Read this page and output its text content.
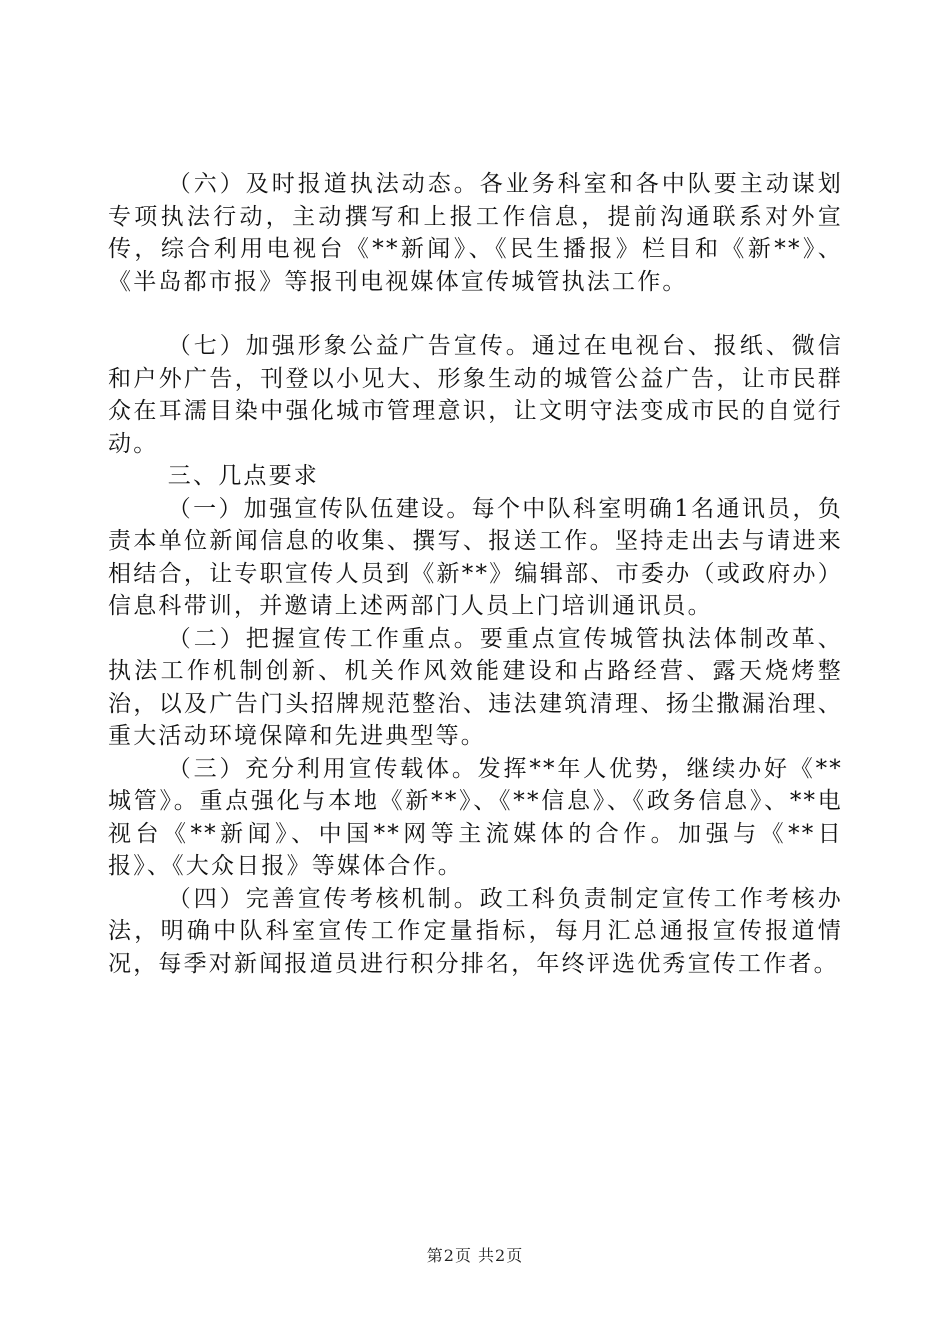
（六）及时报道执法动态。各业务科室和各中队要主动谋划专项执法行动，主动撰写和上报工作信息，提前沟通联系对外宣传，综合利用电视台《**新闻》、《民生播报》栏目和《新**》、《半岛都市报》等报刊电视媒体宣传城管执法工作。

（七）加强形象公益广告宣传。通过在电视台、报纸、微信和户外广告，刊登以小见大、形象生动的城管公益广告，让市民群众在耳濡目染中强化城市管理意识，让文明守法变成市民的自觉行动。

三、几点要求

（一）加强宣传队伍建设。每个中队科室明确1名通讯员，负责本单位新闻信息的收集、撰写、报送工作。坚持走出去与请进来相结合，让专职宣传人员到《新**》编辑部、市委办（或政府办）信息科带训，并邀请上述两部门人员上门培训通讯员。

（二）把握宣传工作重点。要重点宣传城管执法体制改革、执法工作机制创新、机关作风效能建设和占路经营、露天烧烤整治，以及广告门头招牌规范整治、违法建筑清理、扬尘撒漏治理、重大活动环境保障和先进典型等。

（三）充分利用宣传载体。发挥**年人优势，继续办好《**城管》。重点强化与本地《新**》、《**信息》、《政务信息》、**电视台《**新闻》、中国**网等主流媒体的合作。加强与《**日报》、《大众日报》等媒体合作。

（四）完善宣传考核机制。政工科负责制定宣传工作考核办法，明确中队科室宣传工作定量指标，每月汇总通报宣传报道情况，每季对新闻报道员进行积分排名，年终评选优秀宣传工作者。

第2页 共2页
